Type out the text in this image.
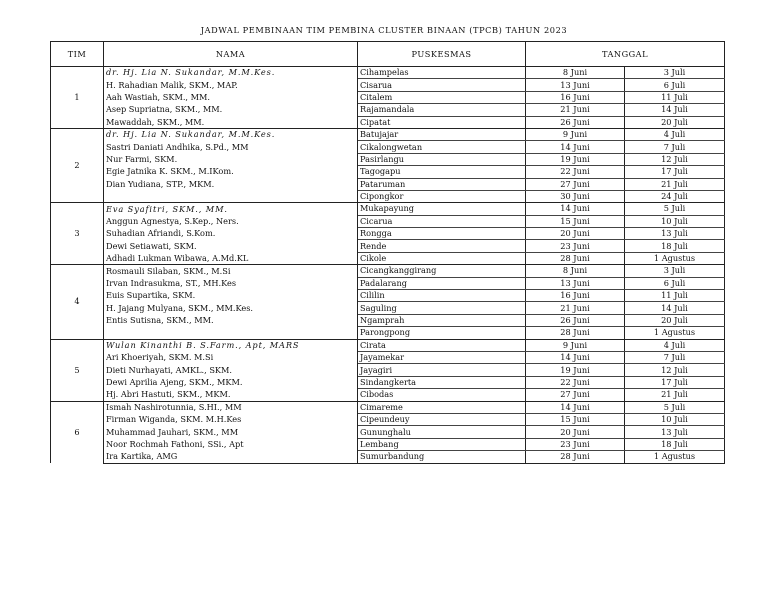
JADWAL PEMBINAAN TIM PEMBINA CLUSTER BINAAN (TPCB) TAHUN 2023
TIM	NAMA	PUSKESMAS	TANGGAL	
1	dr. Hj. Lia N. Sukandar, M.M.Kes.	Cihampelas	8 Juni	3 Juli
	H. Rahadian Malik, SKM., MAP.	Cisarua	13 Juni	6 Juli
	Aah Wastiah, SKM., MM.	Citalem	16 Juni	11 Juli
	Asep Supriatna, SKM., MM.	Rajamandala	21 Juni	14 Juli
	Mawaddah, SKM., MM.	Cipatat	26 Juni	20 Juli
2	dr. Hj. Lia N. Sukandar, M.M.Kes.	Batujajar	9 Juni	4 Juli
	Sastri Daniati Andhika, S.Pd., MM	Cikalongwetan	14 Juni	7 Juli
	Nur Farmi, SKM.	Pasirlangu	19 Juni	12 Juli
	Egie Jatnika K. SKM., M.IKom.	Tagogapu	22 Juni	17 Juli
	Dian Yudiana, STP., MKM.	Pataruman	27 Juni	21 Juli
		Cipongkor	30 Juni	24 Juli
3	Eva Syafitri, SKM., MM.	Mukapayung	14 Juni	5 Juli
	Anggun Agnestya, S.Kep., Ners.	Cicarua	15 Juni	10 Juli
	Suhadian Afriandi, S.Kom.	Rongga	20 Juni	13 Juli
	Dewi Setiawati, SKM.	Rende	23 Juni	18 Juli
	Adhadi Lukman Wibawa, A.Md.KL	Cikole	28 Juni	1 Agustus
4	Rosmauli Silaban, SKM., M.Si	Cicangkanggirang	8 Juni	3 Juli
	Irvan Indrasukma, ST., MH.Kes	Padalarang	13 Juni	6 Juli
	Euis Supartika, SKM.	Cililin	16 Juni	11 Juli
	H. Jajang Mulyana, SKM., MM.Kes.	Saguling	21 Juni	14 Juli
	Entis Sutisna, SKM., MM.	Ngamprah	26 Juni	20 Juli
		Parongpong	28 Juni	1 Agustus
5	Wulan Kinanthi B. S.Farm., Apt, MARS	Cirata	9 Juni	4 Juli
	Ari Khoeriyah, SKM. M.Si	Jayamekar	14 Juni	7 Juli
	Dieti Nurhayati, AMKL., SKM.	Jayagiri	19 Juni	12 Juli
	Dewi Aprilia Ajeng, SKM., MKM.	Sindangkerta	22 Juni	17 Juli
	Hj. Abri Hastuti, SKM., MKM.	Cibodas	27 Juni	21 Juli
6	Ismah Nashirotunnia, S.HI., MM	Cimareme	14 Juni	5 Juli
	Firman Wiganda, SKM. M.H.Kes	Cipeundeuy	15 Juni	10 Juli
	Muhammad Jauhari, SKM., MM	Gununghalu	20 Juni	13 Juli
	Noor Rochmah Fathoni, SSi., Apt	Lembang	23 Juni	18 Juli
	Ira Kartika, AMG	Sumurbandung	28 Juni	1 Agustus
